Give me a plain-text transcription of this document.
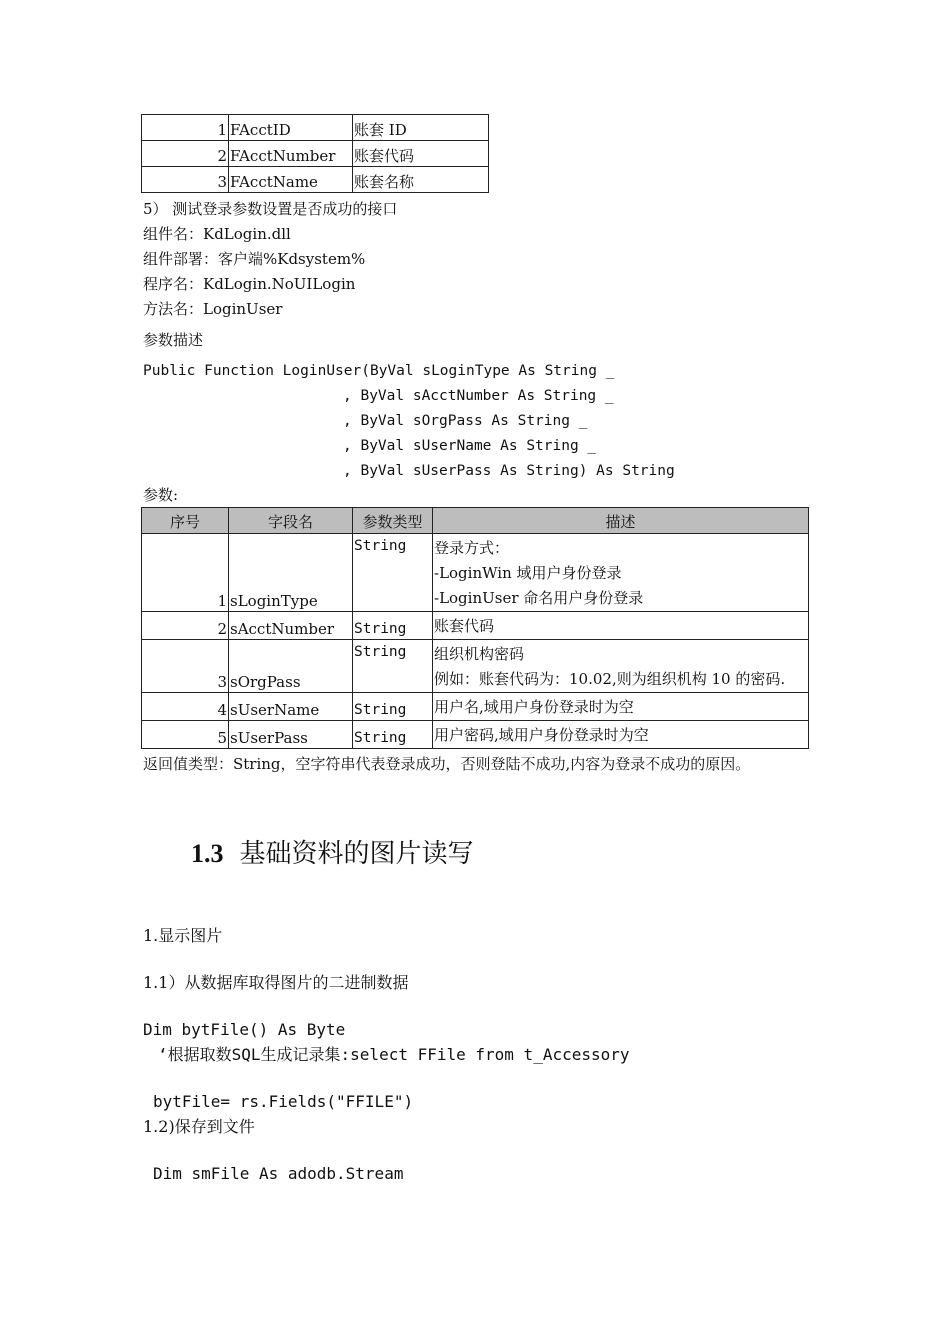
1	FAcctID	账套 ID
2	FAcctNumber	账套代码
3	FAcctName	账套名称
5） 测试登录参数设置是否成功的接口
组件名：KdLogin.dll
组件部署：客户端%Kdsystem%
程序名：KdLogin.NoUILogin
方法名：LoginUser
参数描述
Public Function LoginUser(ByVal sLoginType As String _
, ByVal sAcctNumber As String _
, ByVal sOrgPass As String _
, ByVal sUserName As String _
, ByVal sUserPass As String) As String
参数:
序号	字段名	参数类型	描述
1	sLoginType	String	登录方式：
-LoginWin 域用户身份登录
-LoginUser 命名用户身份登录

2	sAcctNumber	String	账套代码

3	sOrgPass	String	组织机构密码
例如：账套代码为：10.02,则为组织机构 10 的密码.

4	sUserName	String	用户名,域用户身份登录时为空

5	sUserPass	String	用户密码,域用户身份登录时为空
返回值类型：String，空字符串代表登录成功，否则登陆不成功,内容为登录不成功的原因。

1.3 基础资料的图片读写

1.显示图片
1.1）从数据库取得图片的二进制数据
Dim bytFile() As Byte
‘根据取数SQL生成记录集:select FFile from t_Accessory
bytFile= rs.Fields("FFILE")
1.2)保存到文件
Dim smFile As adodb.Stream
